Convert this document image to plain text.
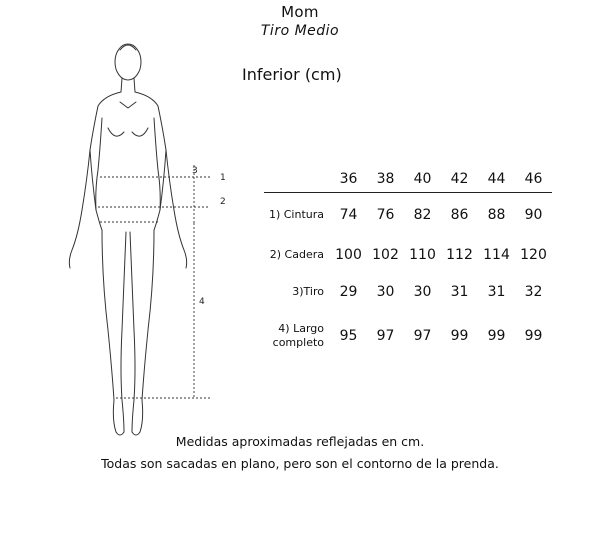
Mom
Tiro Medio
Inferior (cm)
3
1
2
4
	36	38	40	42	44	46
1) Cintura	74	76	82	86	88	90
2) Cadera	100	102	110	112	114	120
3)Tiro	29	30	30	31	31	32

4) Largo
completo	95	97	97	99	99	99
Medidas aproximadas reflejadas en cm.
Todas son sacadas en plano, pero son el contorno de la prenda.
